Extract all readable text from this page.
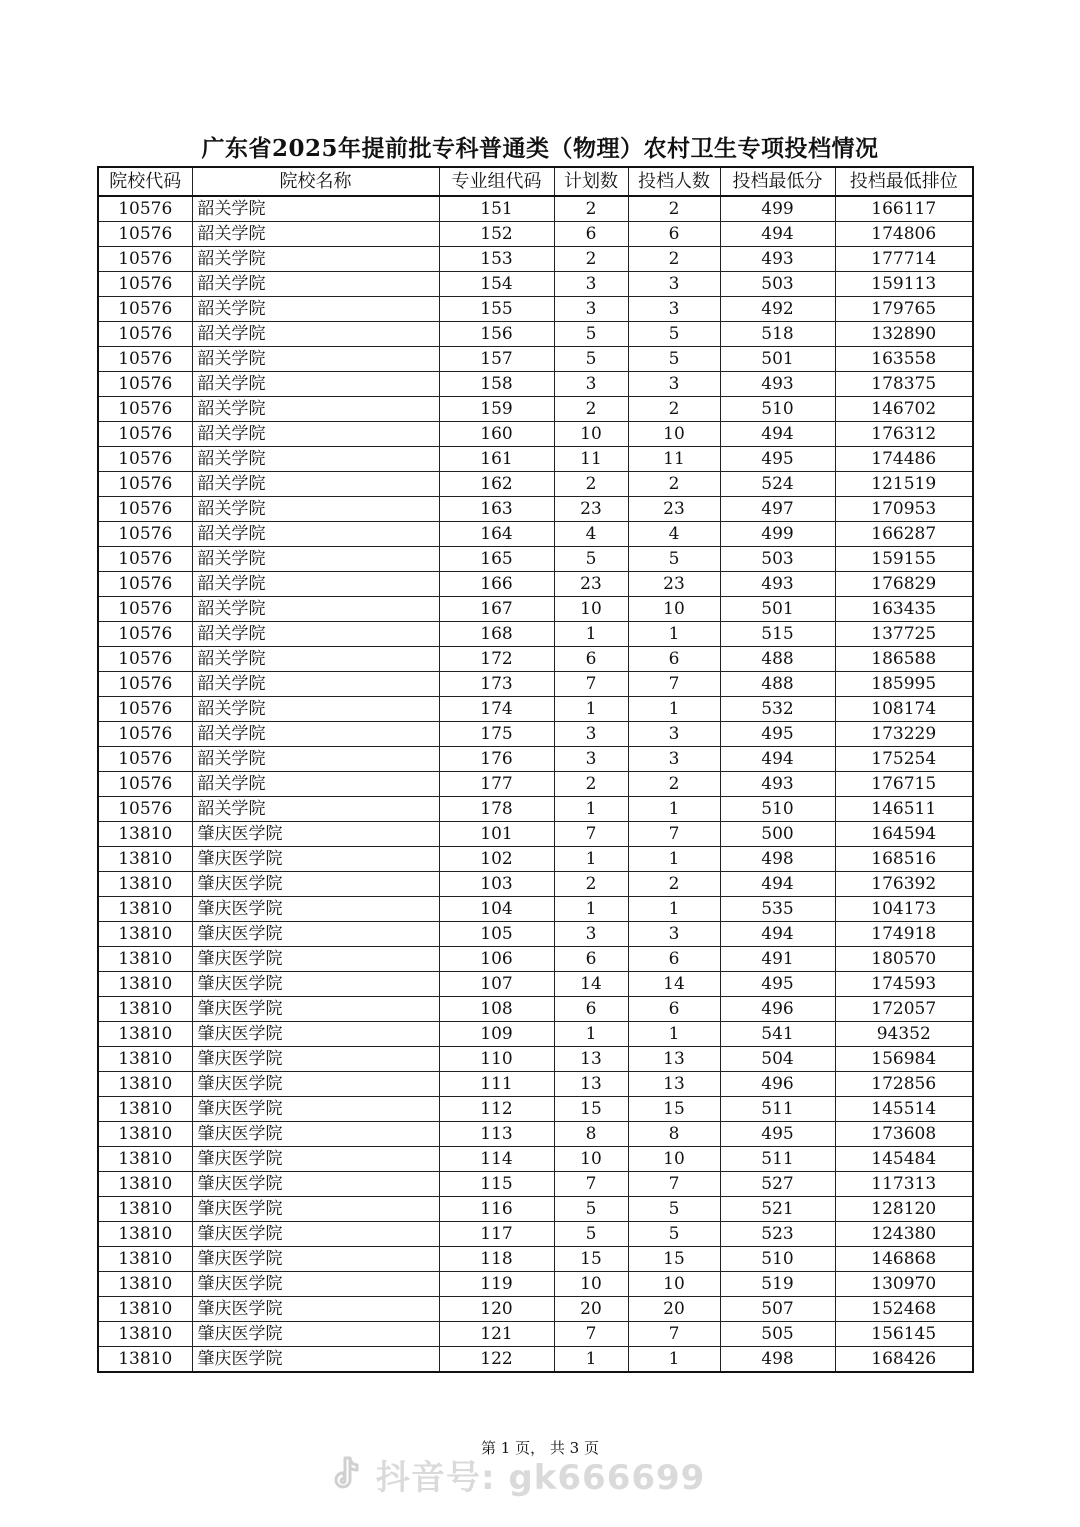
广东省2025年提前批专科普通类（物理）农村卫生专项投档情况
院校代码	院校名称	专业组代码	计划数	投档人数	投档最低分	投档最低排位
10576	韶关学院	151	2	2	499	166117
10576	韶关学院	152	6	6	494	174806
10576	韶关学院	153	2	2	493	177714
10576	韶关学院	154	3	3	503	159113
10576	韶关学院	155	3	3	492	179765
10576	韶关学院	156	5	5	518	132890
10576	韶关学院	157	5	5	501	163558
10576	韶关学院	158	3	3	493	178375
10576	韶关学院	159	2	2	510	146702
10576	韶关学院	160	10	10	494	176312
10576	韶关学院	161	11	11	495	174486
10576	韶关学院	162	2	2	524	121519
10576	韶关学院	163	23	23	497	170953
10576	韶关学院	164	4	4	499	166287
10576	韶关学院	165	5	5	503	159155
10576	韶关学院	166	23	23	493	176829
10576	韶关学院	167	10	10	501	163435
10576	韶关学院	168	1	1	515	137725
10576	韶关学院	172	6	6	488	186588
10576	韶关学院	173	7	7	488	185995
10576	韶关学院	174	1	1	532	108174
10576	韶关学院	175	3	3	495	173229
10576	韶关学院	176	3	3	494	175254
10576	韶关学院	177	2	2	493	176715
10576	韶关学院	178	1	1	510	146511
13810	肇庆医学院	101	7	7	500	164594
13810	肇庆医学院	102	1	1	498	168516
13810	肇庆医学院	103	2	2	494	176392
13810	肇庆医学院	104	1	1	535	104173
13810	肇庆医学院	105	3	3	494	174918
13810	肇庆医学院	106	6	6	491	180570
13810	肇庆医学院	107	14	14	495	174593
13810	肇庆医学院	108	6	6	496	172057
13810	肇庆医学院	109	1	1	541	94352
13810	肇庆医学院	110	13	13	504	156984
13810	肇庆医学院	111	13	13	496	172856
13810	肇庆医学院	112	15	15	511	145514
13810	肇庆医学院	113	8	8	495	173608
13810	肇庆医学院	114	10	10	511	145484
13810	肇庆医学院	115	7	7	527	117313
13810	肇庆医学院	116	5	5	521	128120
13810	肇庆医学院	117	5	5	523	124380
13810	肇庆医学院	118	15	15	510	146868
13810	肇庆医学院	119	10	10	519	130970
13810	肇庆医学院	120	20	20	507	152468
13810	肇庆医学院	121	7	7	505	156145
13810	肇庆医学院	122	1	1	498	168426
第 1 页， 共 3 页
抖音号: gk666699
